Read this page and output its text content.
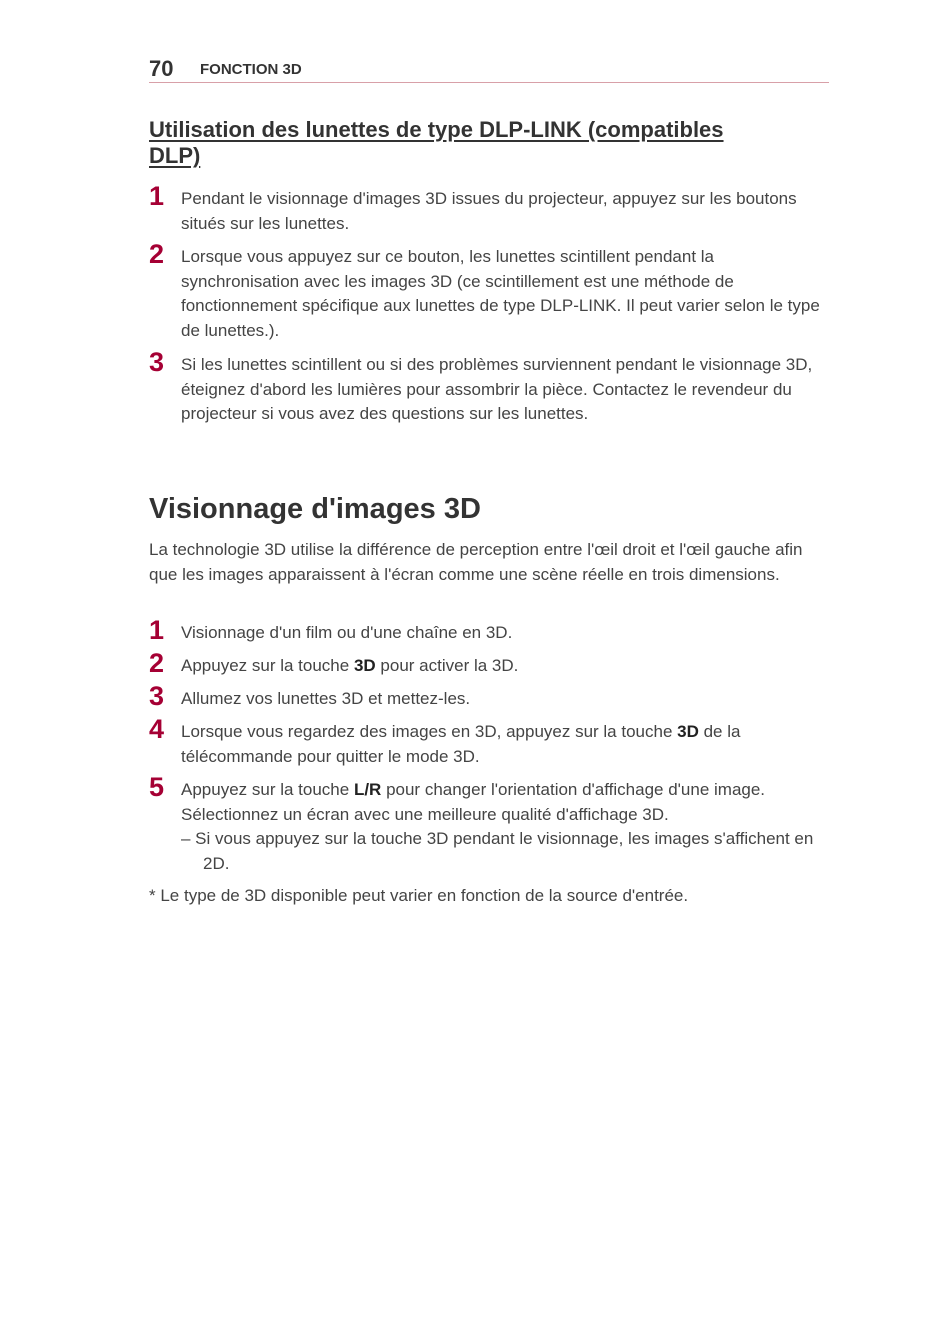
70 FONCTION 3D
Utilisation des lunettes de type DLP-LINK (compatibles DLP)
1 Pendant le visionnage d'images 3D issues du projecteur, appuyez sur les boutons situés sur les lunettes.
2 Lorsque vous appuyez sur ce bouton, les lunettes scintillent pendant la synchronisation avec les images 3D (ce scintillement est une méthode de fonctionnement spécifique aux lunettes de type DLP-LINK. Il peut varier selon le type de lunettes.).
3 Si les lunettes scintillent ou si des problèmes surviennent pendant le visionnage 3D, éteignez d'abord les lumières pour assombrir la pièce. Contactez le revendeur du projecteur si vous avez des questions sur les lunettes.
Visionnage d'images 3D
La technologie 3D utilise la différence de perception entre l'œil droit et l'œil gauche afin que les images apparaissent à l'écran comme une scène réelle en trois dimensions.
1 Visionnage d'un film ou d'une chaîne en 3D.
2 Appuyez sur la touche 3D pour activer la 3D.
3 Allumez vos lunettes 3D et mettez-les.
4 Lorsque vous regardez des images en 3D, appuyez sur la touche 3D de la télécommande pour quitter le mode 3D.
5 Appuyez sur la touche L/R pour changer l'orientation d'affichage d'une image. Sélectionnez un écran avec une meilleure qualité d'affichage 3D.
– Si vous appuyez sur la touche 3D pendant le visionnage, les images s'affichent en 2D.
* Le type de 3D disponible peut varier en fonction de la source d'entrée.
